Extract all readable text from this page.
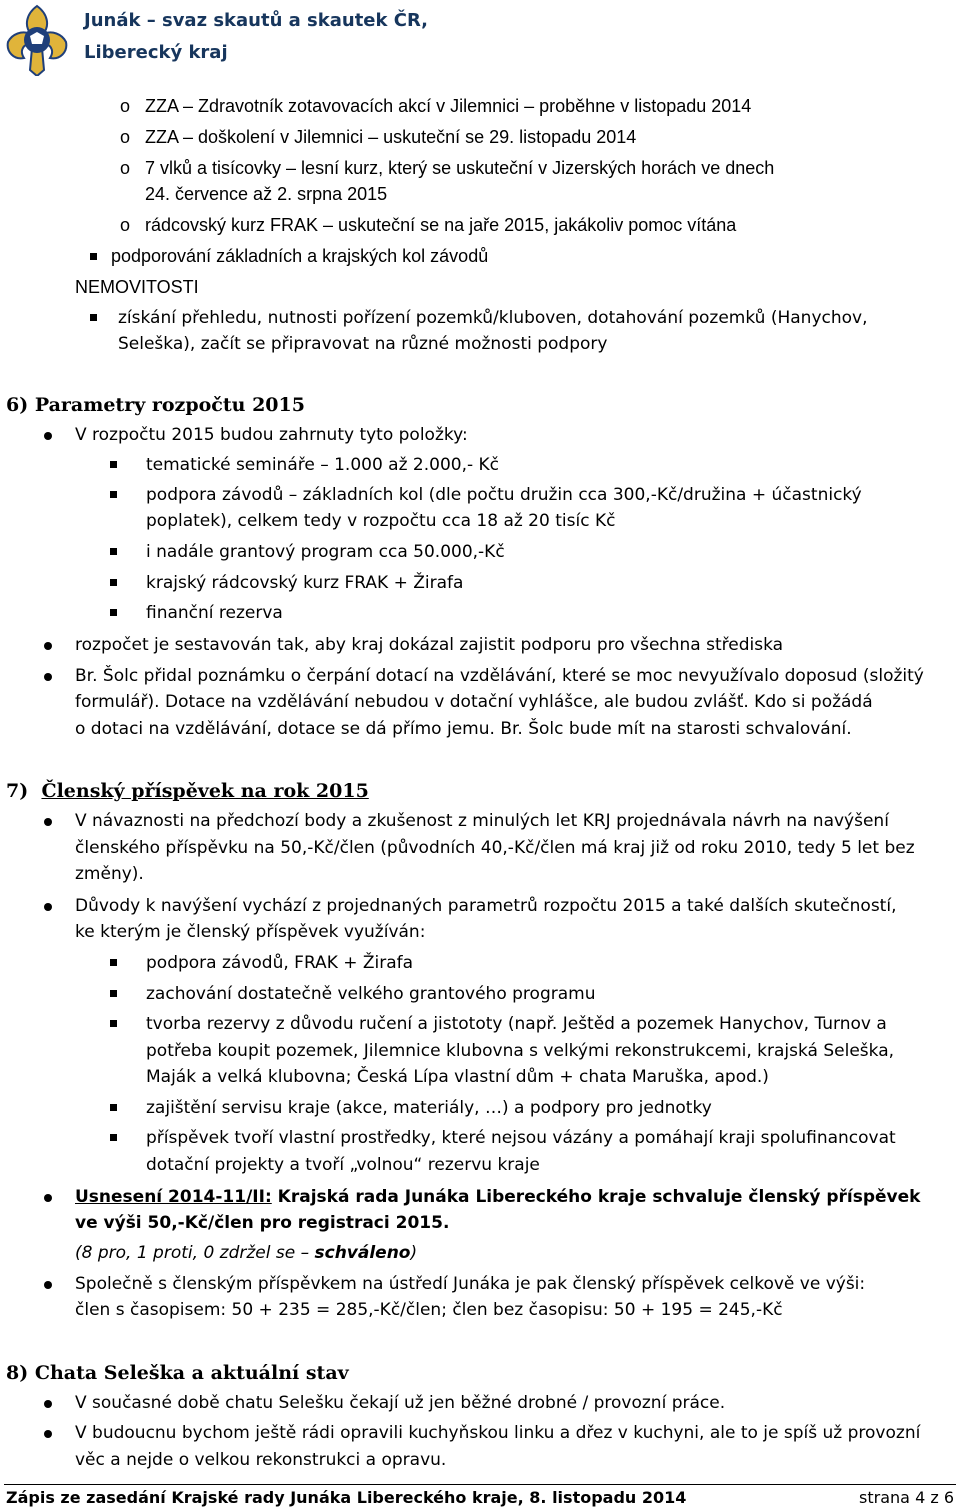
Junák – svaz skautů a skautek ČR,
Liberecký kraj
o ZZA – Zdravotník zotavovacích akcí v Jilemnici – proběhne v listopadu 2014
o ZZA – doškolení v Jilemnici – uskuteční se 29. listopadu 2014
o 7 vlků a tisícovky – lesní kurz, který se uskuteční v Jizerských horách ve dnech
24. července až 2. srpna 2015
o rádcovský kurz FRAK – uskuteční se na jaře 2015, jakákoliv pomoc vítána
podporování základních a krajských kol závodů
NEMOVITOSTI
získání přehledu, nutnosti pořízení pozemků/kluboven, dotahování pozemků (Hanychov,
Seleška), začít se připravovat na různé možnosti podpory
6) Parametry rozpočtu 2015
V rozpočtu 2015 budou zahrnuty tyto položky:
tematické semináře – 1.000 až 2.000,- Kč
podpora závodů – základních kol (dle počtu družin cca 300,-Kč/družina + účastnický
poplatek), celkem tedy v rozpočtu cca 18 až 20 tisíc Kč
i nadále grantový program cca 50.000,-Kč
krajský rádcovský kurz FRAK + Žirafa
finanční rezerva
rozpočet je sestavován tak, aby kraj dokázal zajistit podporu pro všechna střediska
Br. Šolc přidal poznámku o čerpání dotací na vzdělávání, které se moc nevyužívalo doposud (složitý
formulář). Dotace na vzdělávání nebudou v dotační vyhlášce, ale budou zvlášť. Kdo si požádá
o dotaci na vzdělávání, dotace se dá přímo jemu. Br. Šolc bude mít na starosti schvalování.
7) Členský příspěvek na rok 2015
V návaznosti na předchozí body a zkušenost z minulých let KRJ projednávala návrh na navýšení
členského příspěvku na 50,-Kč/člen (původních 40,-Kč/člen má kraj již od roku 2010, tedy 5 let bez
změny).
Důvody k navýšení vychází z projednaných parametrů rozpočtu 2015 a také dalších skutečností,
ke kterým je členský příspěvek využíván:
podpora závodů, FRAK + Žirafa
zachování dostatečně velkého grantového programu
tvorba rezervy z důvodu ručení a jistototy (např. Ještěd a pozemek Hanychov, Turnov a
potřeba koupit pozemek, Jilemnice klubovna s velkými rekonstrukcemi, krajská Seleška,
Maják a velká klubovna; Česká Lípa vlastní dům + chata Maruška, apod.)
zajištění servisu kraje (akce, materiály, …) a podpory pro jednotky
příspěvek tvoří vlastní prostředky, které nejsou vázány a pomáhají kraji spolufinancovat
dotační projekty a tvoří „volnou“ rezervu kraje
Usnesení 2014-11/II: Krajská rada Junáka Libereckého kraje schvaluje členský příspěvek
ve výši 50,-Kč/člen pro registraci 2015.
(8 pro, 1 proti, 0 zdržel se – schváleno)
Společně s členským příspěvkem na ústředí Junáka je pak členský příspěvek celkově ve výši:
člen s časopisem: 50 + 235 = 285,-Kč/člen; člen bez časopisu: 50 + 195 = 245,-Kč
8) Chata Seleška a aktuální stav
V současné době chatu Selešku čekají už jen běžné drobné / provozní práce.
V budoucnu bychom ještě rádi opravili kuchyňskou linku a dřez v kuchyni, ale to je spíš už provozní
věc a nejde o velkou rekonstrukci a opravu.
Zápis ze zasedání Krajské rady Junáka Libereckého kraje, 8. listopadu 2014	strana 4 z 6
